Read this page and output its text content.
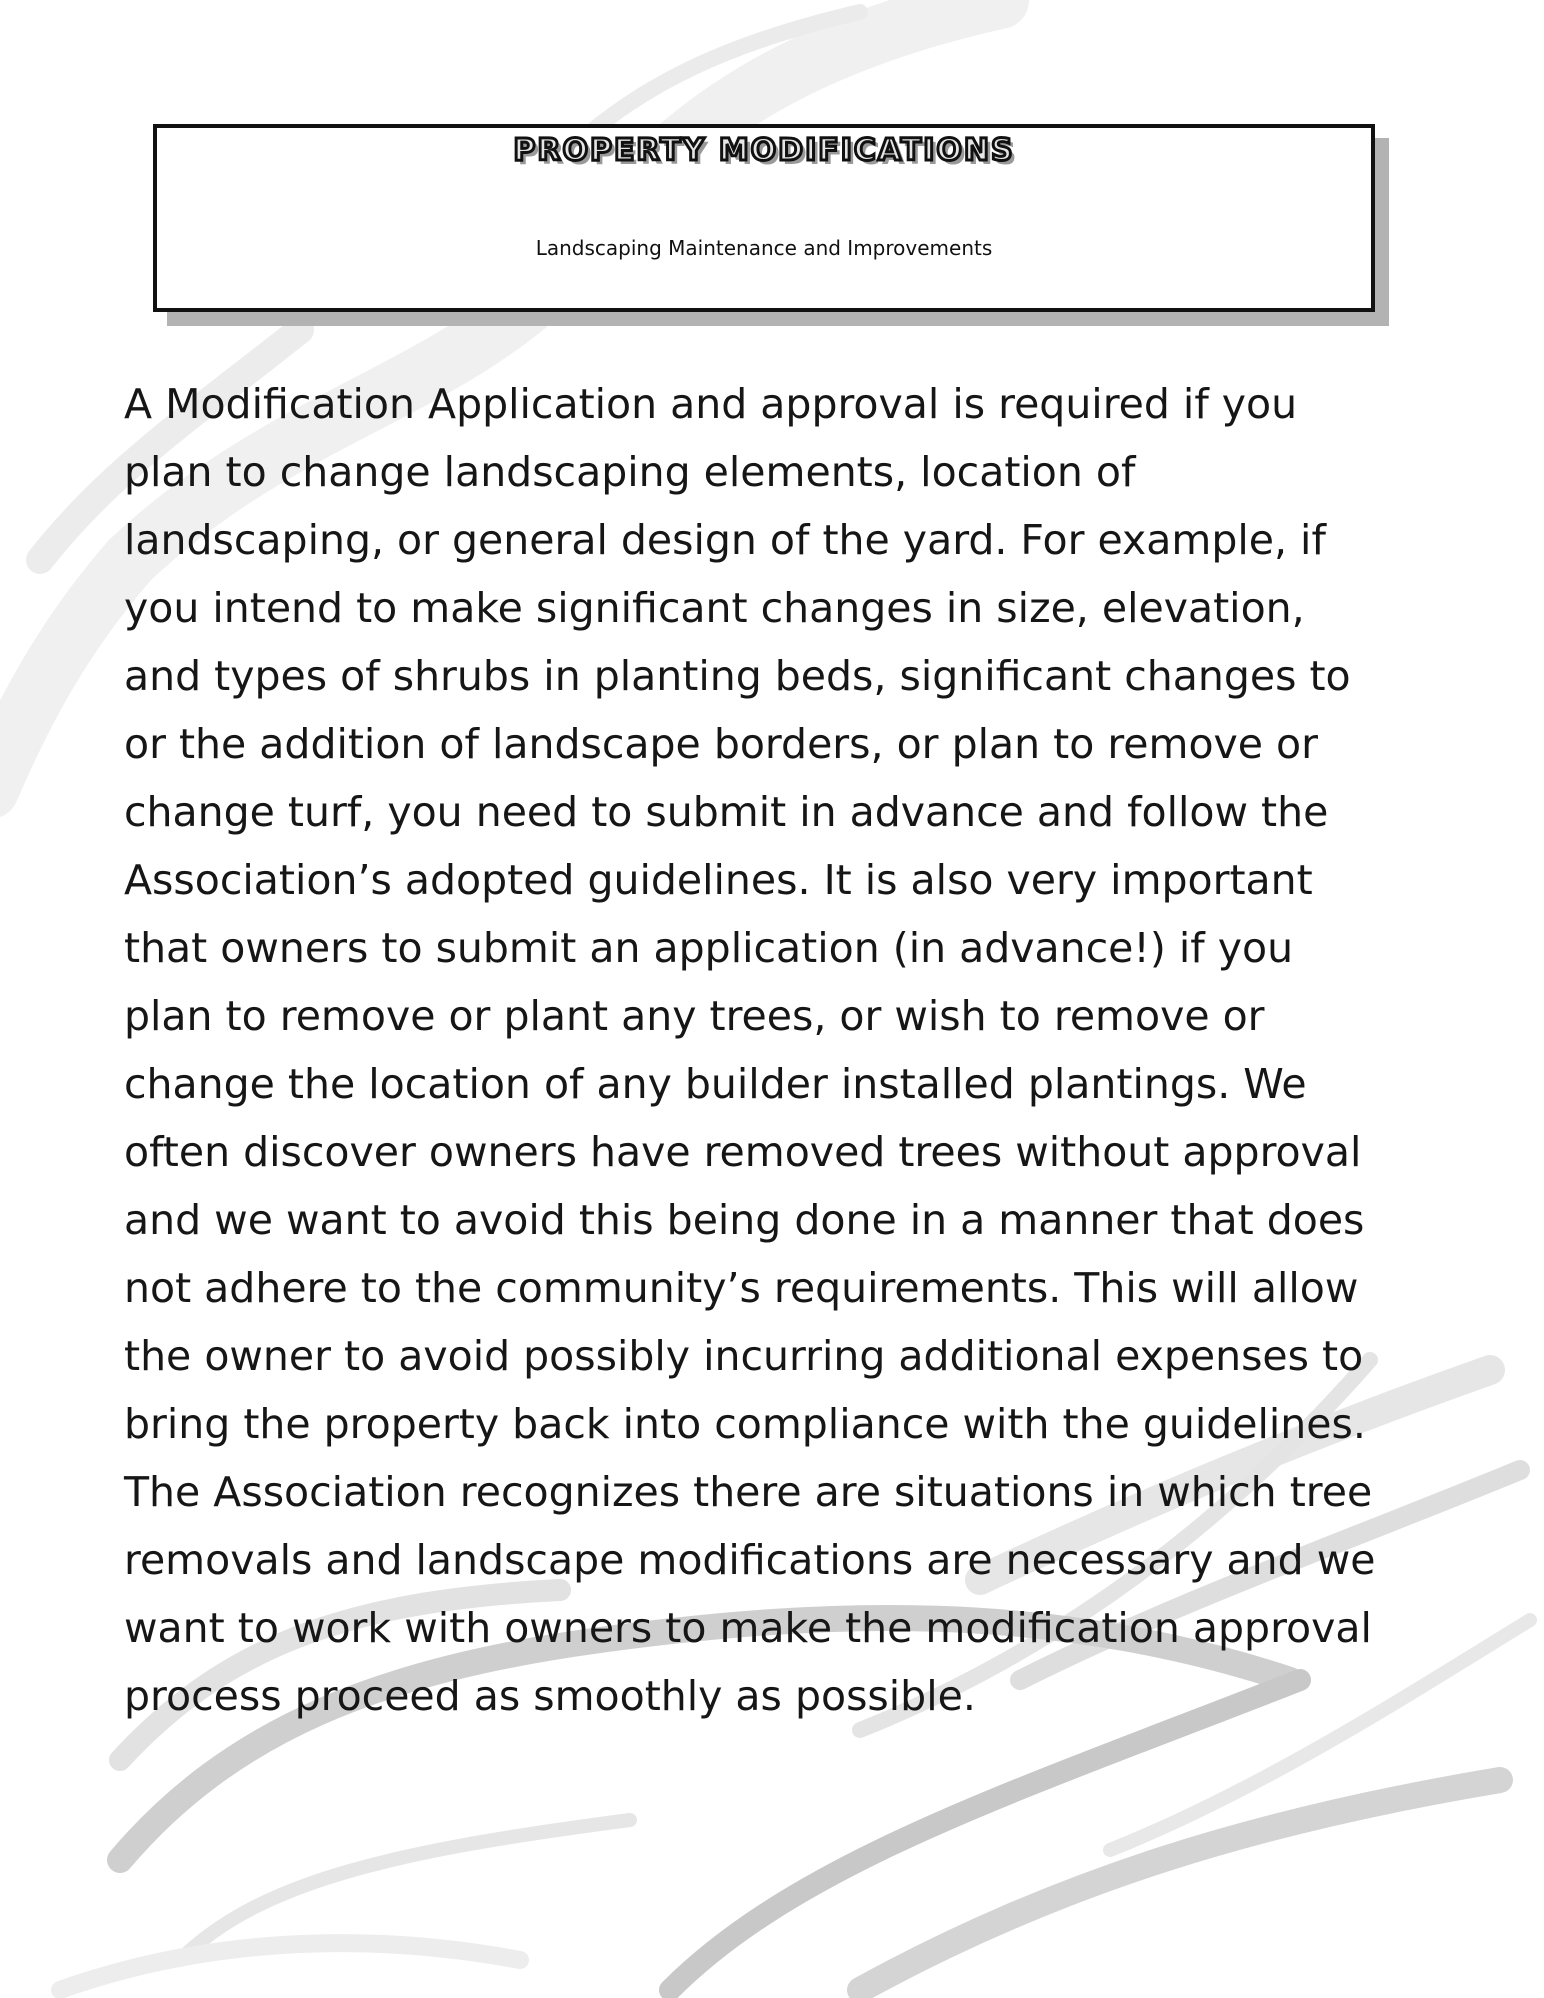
PROPERTY MODIFICATIONS
Landscaping Maintenance and Improvements
A Modification Application and approval is required if you
plan to change landscaping elements, location of
landscaping, or general design of the yard. For example, if
you intend to make significant changes in size, elevation,
and types of shrubs in planting beds, significant changes to
or the addition of landscape borders, or plan to remove or
change turf, you need to submit in advance and follow the
Association’s adopted guidelines. It is also very important
that owners to submit an application (in advance!) if you
plan to remove or plant any trees, or wish to remove or
change the location of any builder installed plantings. We
often discover owners have removed trees without approval
and we want to avoid this being done in a manner that does
not adhere to the community’s requirements. This will allow
the owner to avoid possibly incurring additional expenses to
bring the property back into compliance with the guidelines.
The Association recognizes there are situations in which tree
removals and landscape modifications are necessary and we
want to work with owners to make the modification approval
process proceed as smoothly as possible.
